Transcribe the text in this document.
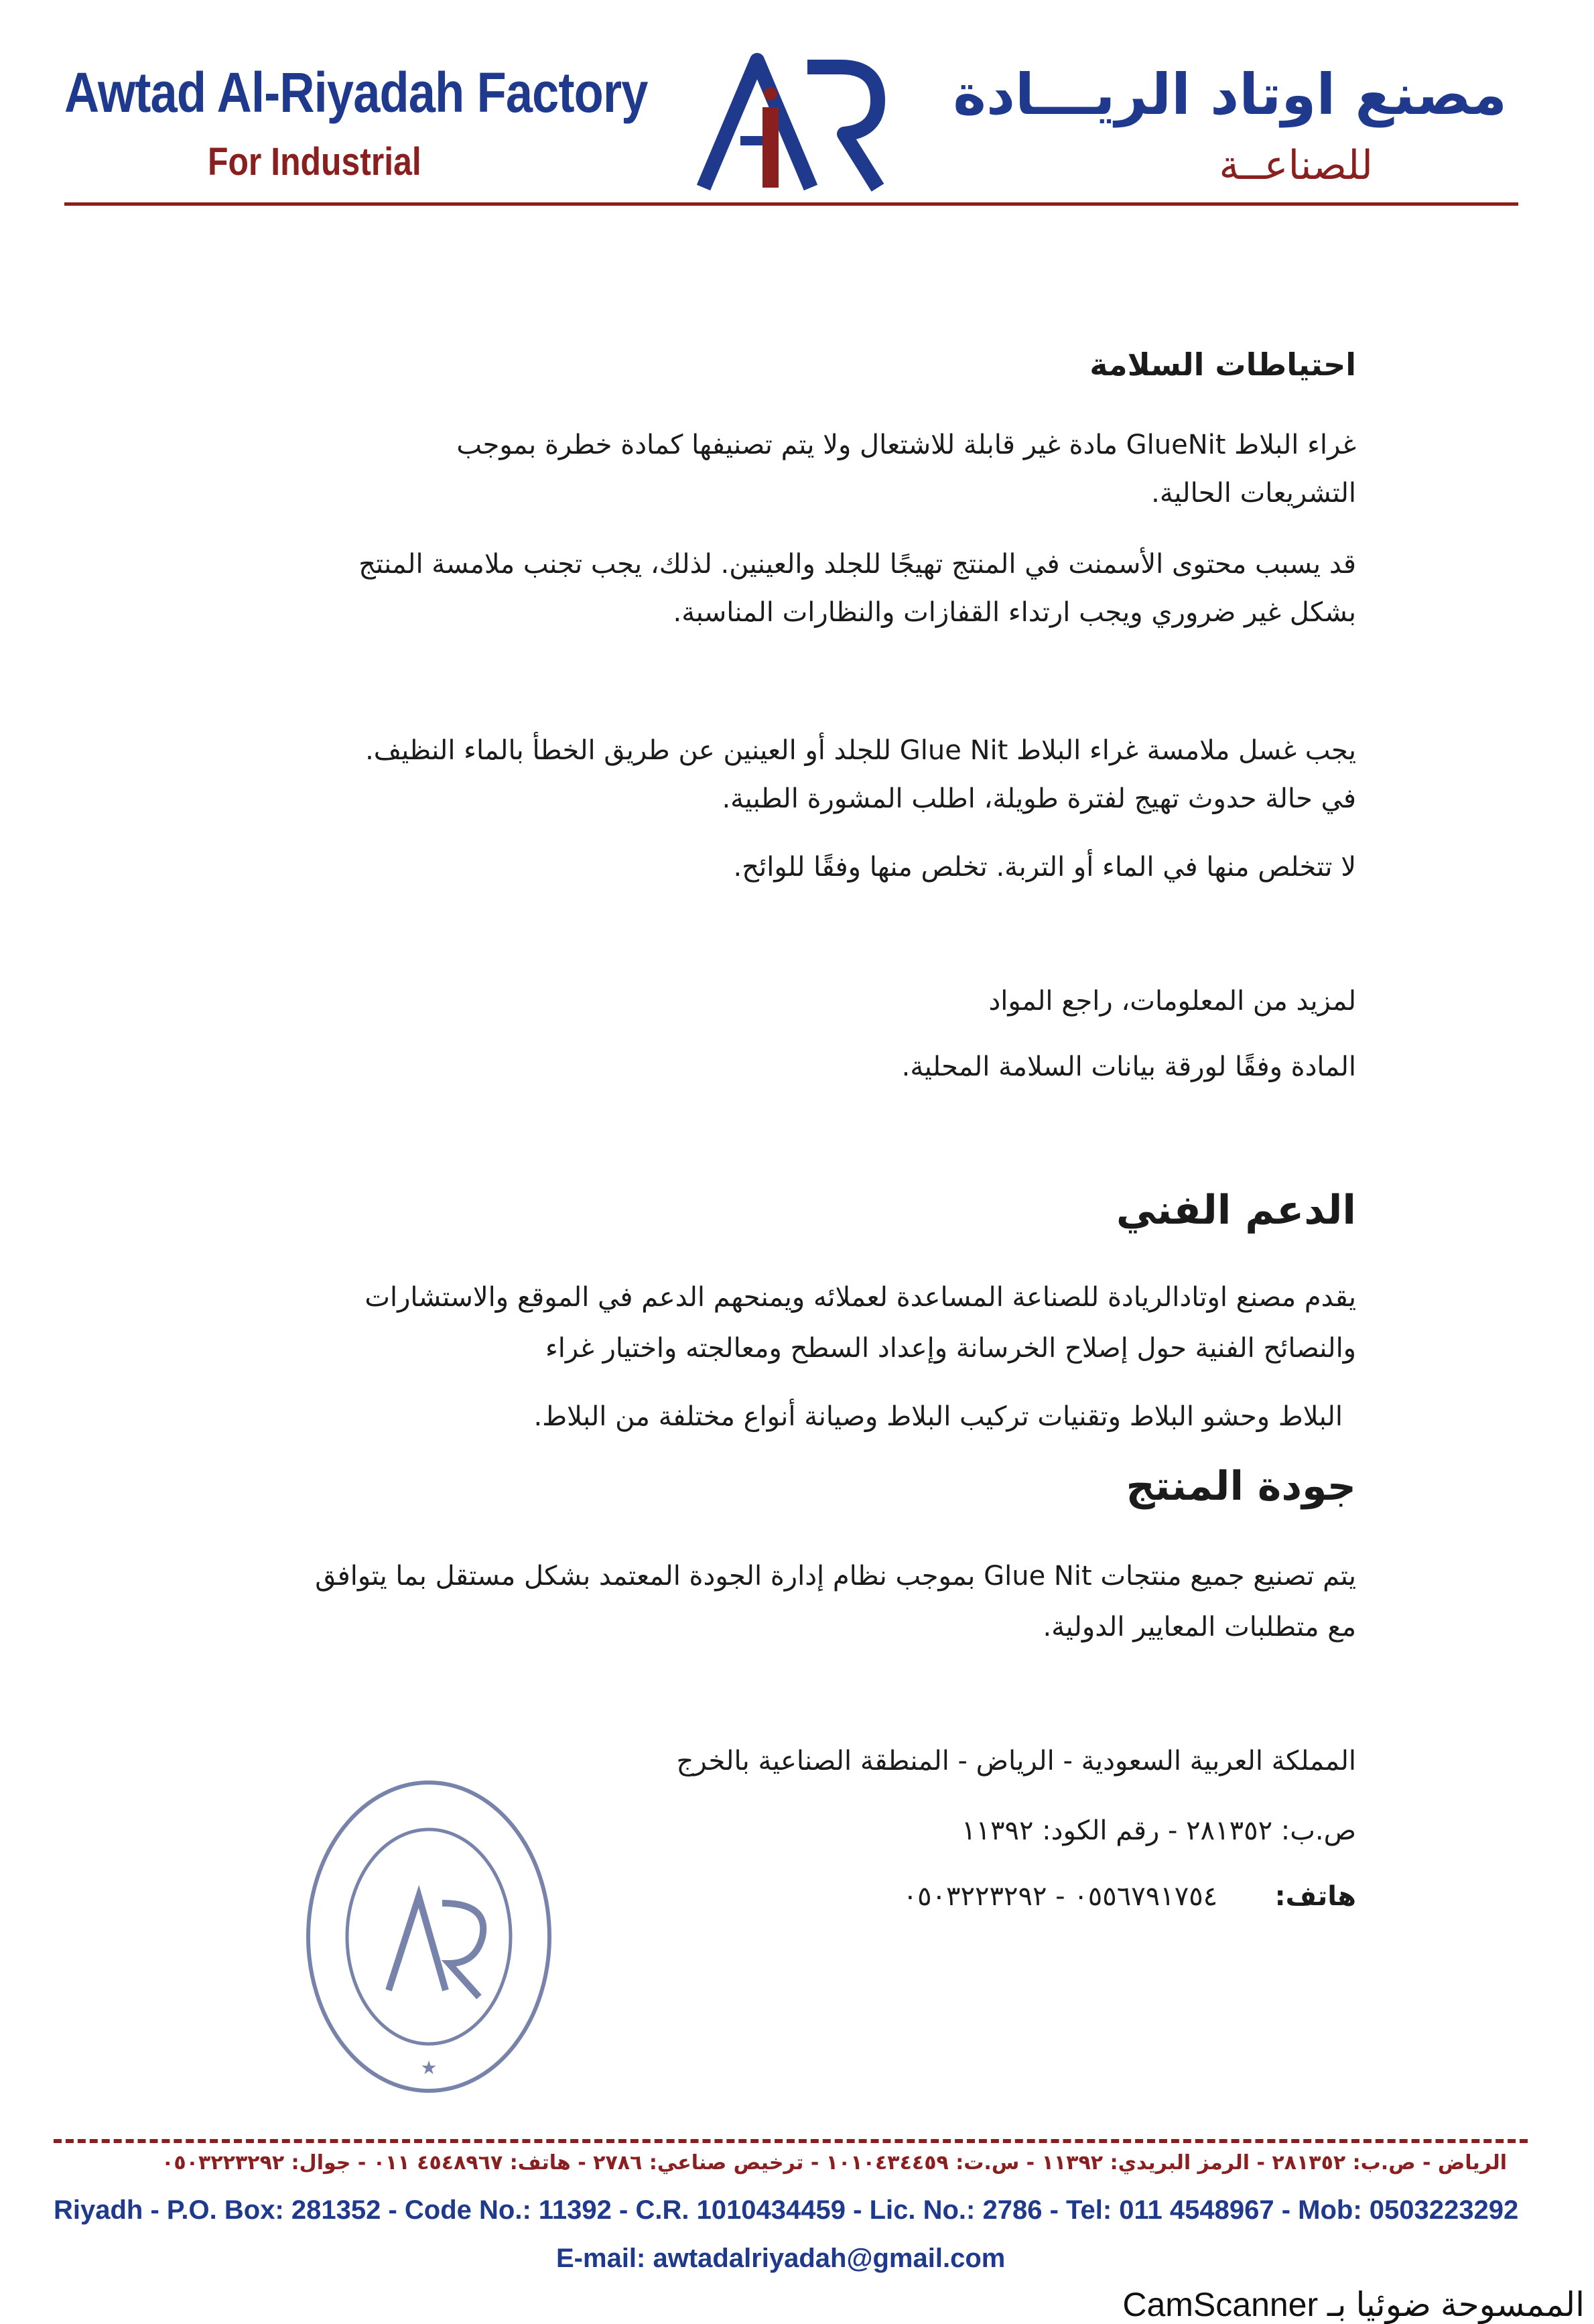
Awtad Al-Riyadah Factory
For Industrial
مصنع اوتاد الريـــادة
للصناعــة
احتياطات السلامة
غراء البلاط GlueNit مادة غير قابلة للاشتعال ولا يتم تصنيفها كمادة خطرة بموجب
التشريعات الحالية.
قد يسبب محتوى الأسمنت في المنتج تهيجًا للجلد والعينين. لذلك، يجب تجنب ملامسة المنتج
بشكل غير ضروري ويجب ارتداء القفازات والنظارات المناسبة.
يجب غسل ملامسة غراء البلاط Glue Nit للجلد أو العينين عن طريق الخطأ بالماء النظيف.
في حالة حدوث تهيج لفترة طويلة، اطلب المشورة الطبية.
لا تتخلص منها في الماء أو التربة. تخلص منها وفقًا للوائح.
لمزيد من المعلومات، راجع المواد
المادة وفقًا لورقة بيانات السلامة المحلية.
الدعم الفني
يقدم مصنع اوتادالريادة للصناعة المساعدة لعملائه ويمنحهم الدعم في الموقع والاستشارات
والنصائح الفنية حول إصلاح الخرسانة وإعداد السطح ومعالجته واختيار غراء
البلاط وحشو البلاط وتقنيات تركيب البلاط وصيانة أنواع مختلفة من البلاط.
جودة المنتج
يتم تصنيع جميع منتجات Glue Nit بموجب نظام إدارة الجودة المعتمد بشكل مستقل بما يتوافق
مع متطلبات المعايير الدولية.
المملكة العربية السعودية - الرياض - المنطقة الصناعية بالخرج
ص.ب: ٢٨١٣٥٢ - رقم الكود: ١١٣٩٢
هاتف:  ٠٥٥٦٧٩١٧٥٤ - ٠٥٠٣٢٢٣٢٩٢
★
الرياض - ص.ب: ٢٨١٣٥٢ - الرمز البريدي: ١١٣٩٢ - س.ت: ١٠١٠٤٣٤٤٥٩ - ترخيص صناعي: ٢٧٨٦ - هاتف: ٤٥٤٨٩٦٧ ٠١١ - جوال: ٠٥٠٣٢٢٣٢٩٢
Riyadh - P.O. Box: 281352 - Code No.: 11392 - C.R. 1010434459 - Lic. No.: 2786 - Tel: 011 4548967 - Mob: 0503223292
E-mail: awtadalriyadah@gmail.com
الممسوحة ضوئيا بـ CamScanner
